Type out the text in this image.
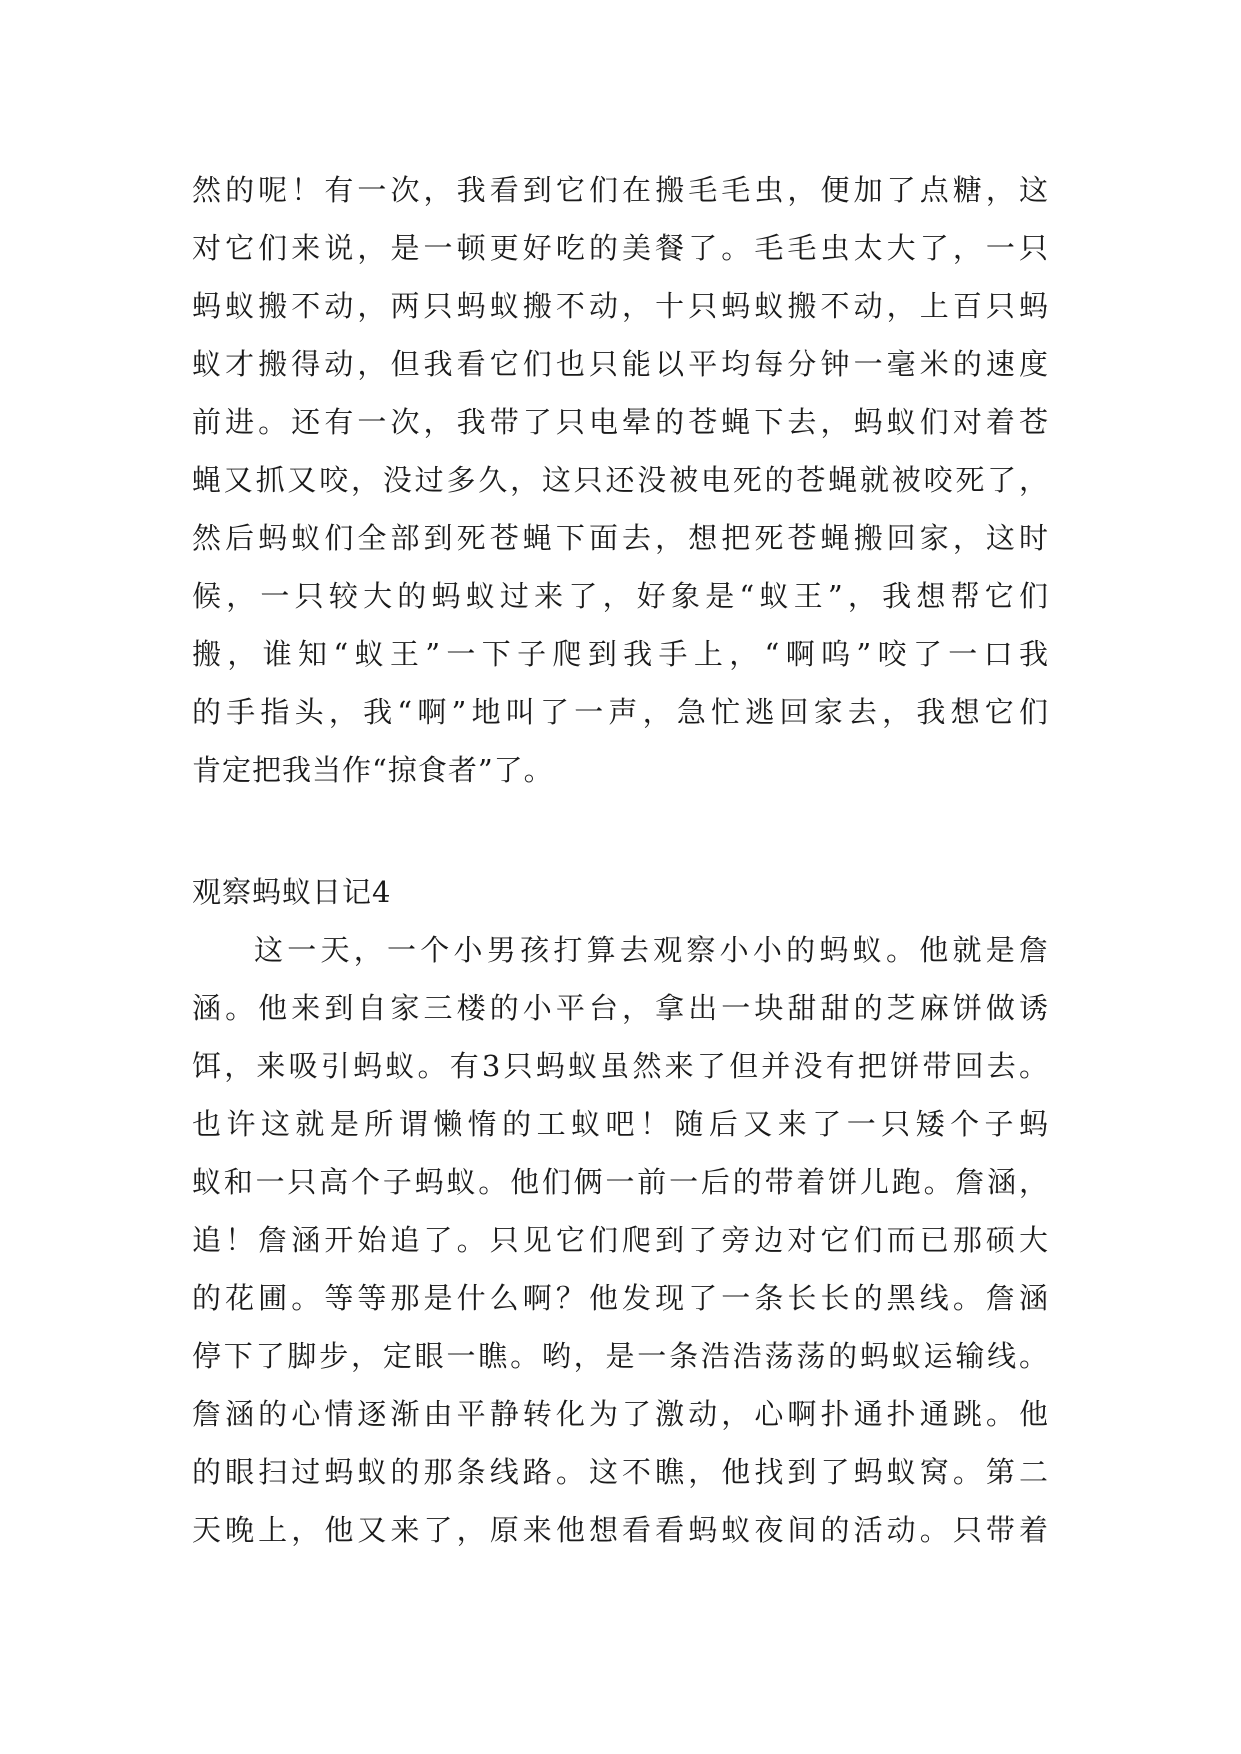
然的呢！有一次，我看到它们在搬毛毛虫，便加了点糖，这
对它们来说，是一顿更好吃的美餐了。毛毛虫太大了，一只
蚂蚁搬不动，两只蚂蚁搬不动，十只蚂蚁搬不动，上百只蚂
蚁才搬得动，但我看它们也只能以平均每分钟一毫米的速度
前进。还有一次，我带了只电晕的苍蝇下去，蚂蚁们对着苍
蝇又抓又咬，没过多久，这只还没被电死的苍蝇就被咬死了，
然后蚂蚁们全部到死苍蝇下面去，想把死苍蝇搬回家，这时
候，一只较大的蚂蚁过来了，好象是“蚁王”，我想帮它们
搬，谁知“蚁王”一下子爬到我手上，“啊呜”咬了一口我
的手指头，我“啊”地叫了一声，急忙逃回家去，我想它们
肯定把我当作“掠食者”了。
观察蚂蚁日记4
这一天，一个小男孩打算去观察小小的蚂蚁。他就是詹
涵。他来到自家三楼的小平台，拿出一块甜甜的芝麻饼做诱
饵，来吸引蚂蚁。有3只蚂蚁虽然来了但并没有把饼带回去。
也许这就是所谓懒惰的工蚁吧！随后又来了一只矮个子蚂
蚁和一只高个子蚂蚁。他们俩一前一后的带着饼儿跑。詹涵，
追！詹涵开始追了。只见它们爬到了旁边对它们而已那硕大
的花圃。等等那是什么啊？他发现了一条长长的黑线。詹涵
停下了脚步，定眼一瞧。哟，是一条浩浩荡荡的蚂蚁运输线。
詹涵的心情逐渐由平静转化为了激动，心啊扑通扑通跳。他
的眼扫过蚂蚁的那条线路。这不瞧，他找到了蚂蚁窝。第二
天晚上，他又来了，原来他想看看蚂蚁夜间的活动。只带着
